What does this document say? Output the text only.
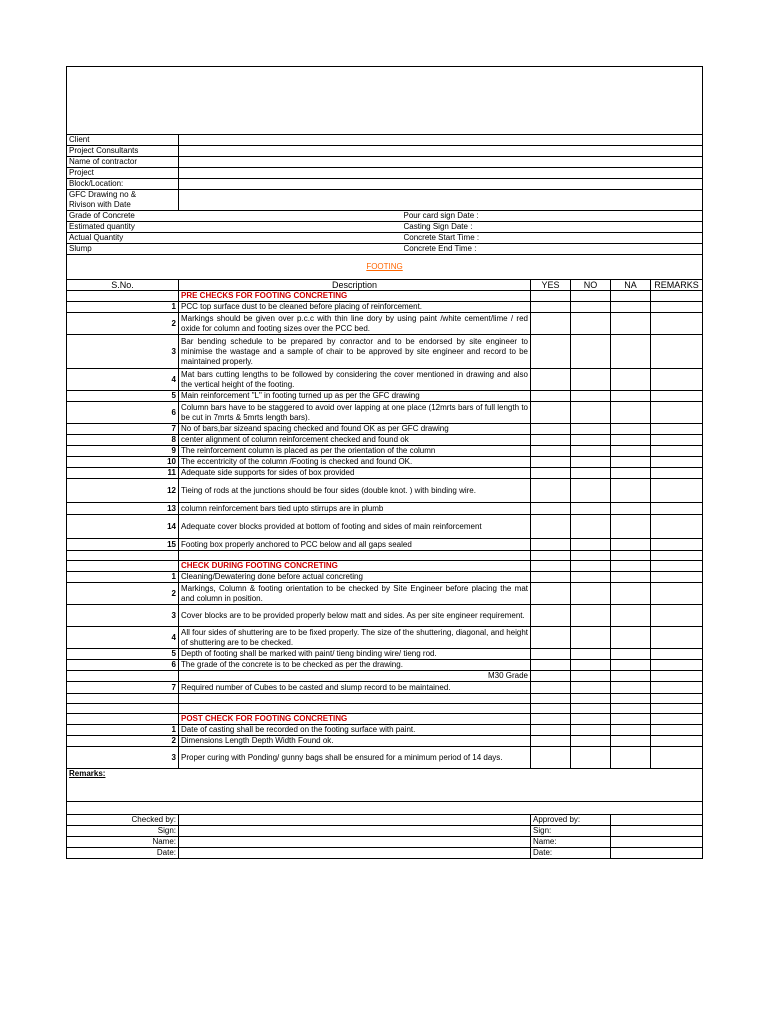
Client						
Project Consultants						
Name of contractor						
Project						
Block/Location:						
GFC Drawing no &
Rivison with Date						
Grade of Concrete		Pour card sign Date :				
Estimated quantity		Casting Sign Date :				
Actual Quantity		Concrete Start Time :				
Slump		Concrete End Time :				
FOOTING						
S.No.	Description		YES	NO	NA	REMARKS
	PRE CHECKS FOR FOOTING CONCRETING					
1	PCC top surface dust to be cleaned before placing of reinforcement.					
2	Markings should be given over p.c.c with thin line dory by using paint /white cement/lime / red oxide for column and footing sizes over the PCC bed.					
3	Bar bending schedule to be prepared by conractor and to be endorsed by site engineer to minimise the wastage and a sample of chair to be approved by site engineer and record to be maintained properly.					
4	Mat bars cutting lengths to be followed by considering the cover mentioned in drawing and also the vertical height of the footing.					
5	Main reinforcement "L" in footing turned up as per the GFC drawing					
6	Column bars have to be staggered to avoid over lapping at one place (12mrts bars of full length to be cut in 7mrts & 5mrts length bars).					
7	No of bars,bar sizeand spacing checked and found OK as per GFC drawing					
8	center alignment of column reinforcement checked and found ok					
9	The reinforcement column is placed as per the orientation of the column					
10	The eccentricity of the column /Footing is checked and found OK.					
11	Adequate side supports for sides of box provided					
12	Tieing of rods at the junctions should be four sides (double knot. ) with binding wire.					
13	column reinforcement bars tied upto stirrups are in plumb					
14	Adequate cover blocks provided at bottom of footing and sides of main reinforcement					
15	Footing box properly anchored to PCC below and all gaps sealed					

	CHECK DURING FOOTING CONCRETING					
1	Cleaning/Dewatering done before actual concreting					
2	Markings, Column & footing orientation to be checked by Site Engineer before placing the mat and column in position.					
3	Cover blocks are to be provided properly below matt and sides. As per site engineer requirement.					
4	All four sides of shuttering are to be fixed properly. The size of the shuttering, diagonal, and height of shuttering are to be checked.					
5	Depth of footing shall be marked with paint/ tieng binding wire/ tieng rod.					
6	The grade of the concrete is to be checked as per the drawing.					
	M30 Grade					
7	Required number of Cubes to be casted and slump record to be maintained.					

	POST CHECK FOR FOOTING CONCRETING					
1	Date of casting shall be recorded on the footing surface with paint.					
2	Dimensions Length Depth Width Found ok.					
3	Proper curing with Ponding/ gunny bags shall be ensured for a minimum period of 14 days.					
Remarks:						

Checked by:			Approved by:			
Sign:			Sign:			
Name:			Name:			
Date:			Date:			
